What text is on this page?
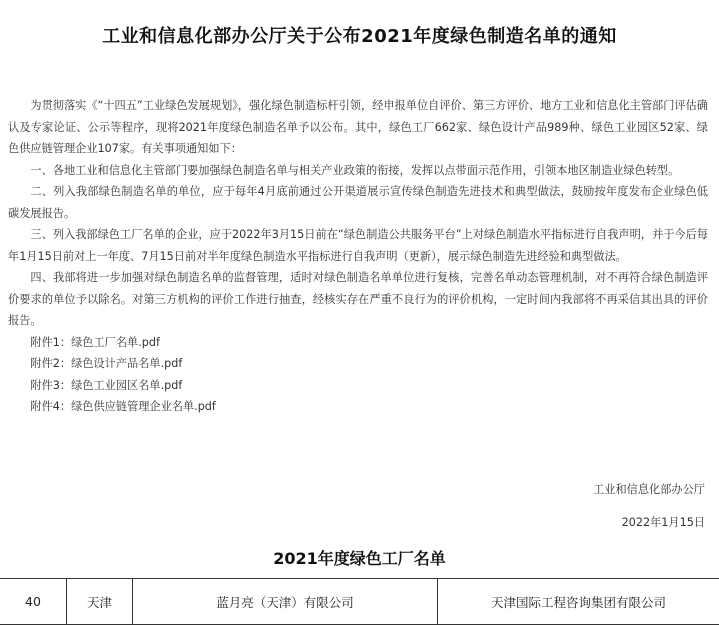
工业和信息化部办公厅关于公布2021年度绿色制造名单的通知

为贯彻落实《“十四五”工业绿色发展规划》，强化绿色制造标杆引领，经申报单位自评价、第三方评价、地方工业和信息化主管部门评估确认及专家论证、公示等程序，现将2021年度绿色制造名单予以公布。其中，绿色工厂662家、绿色设计产品989种、绿色工业园区52家、绿色供应链管理企业107家。有关事项通知如下：

一、各地工业和信息化主管部门要加强绿色制造名单与相关产业政策的衔接，发挥以点带面示范作用，引领本地区制造业绿色转型。

二、列入我部绿色制造名单的单位，应于每年4月底前通过公开渠道展示宣传绿色制造先进技术和典型做法，鼓励按年度发布企业绿色低碳发展报告。

三、列入我部绿色工厂名单的企业，应于2022年3月15日前在“绿色制造公共服务平台”上对绿色制造水平指标进行自我声明，并于今后每年1月15日前对上一年度、7月15日前对半年度绿色制造水平指标进行自我声明（更新），展示绿色制造先进经验和典型做法。

四、我部将进一步加强对绿色制造名单的监督管理，适时对绿色制造名单单位进行复核，完善名单动态管理机制，对不再符合绿色制造评价要求的单位予以除名。对第三方机构的评价工作进行抽查，经核实存在严重不良行为的评价机构，一定时间内我部将不再采信其出具的评价报告。

附件1：绿色工厂名单.pdf

附件2：绿色设计产品名单.pdf

附件3：绿色工业园区名单.pdf

附件4：绿色供应链管理企业名单.pdf

工业和信息化部办公厅
2022年1月15日
2021年度绿色工厂名单
40	天津	蓝月亮（天津）有限公司	天津国际工程咨询集团有限公司
